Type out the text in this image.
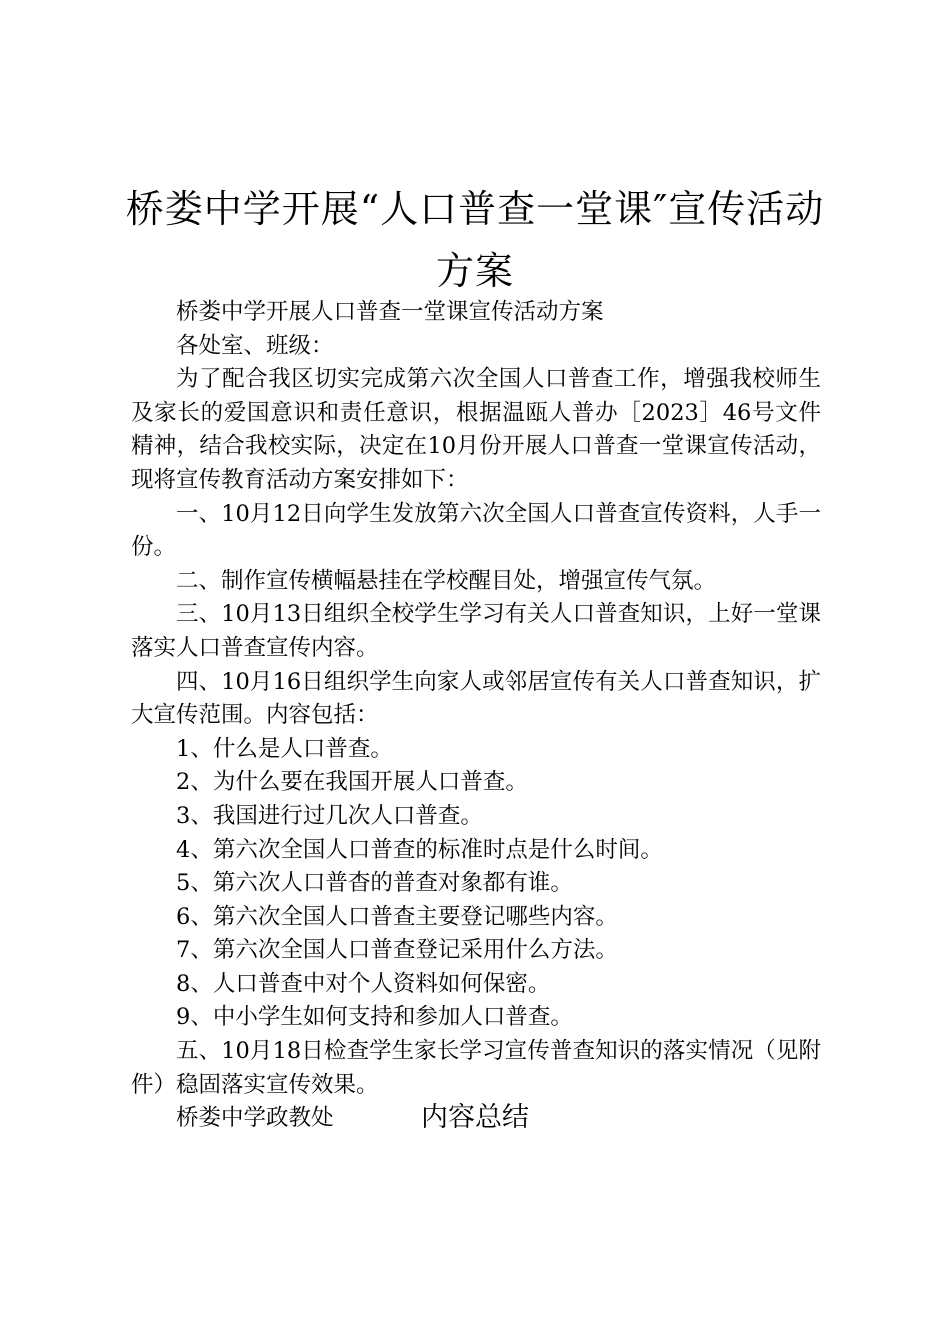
桥娄中学开展“人口普查一堂课″宣传活动方案

桥娄中学开展人口普查一堂课宣传活动方案

各处室、班级：

为了配合我区切实完成第六次全国人口普查工作，增强我校师生及家长的爱国意识和责任意识，根据温瓯人普办［2023］46号文件精神，结合我校实际，决定在10月份开展人口普查一堂课宣传活动，现将宣传教育活动方案安排如下：

一、10月12日向学生发放第六次全国人口普查宣传资料，人手一份。

二、制作宣传横幅悬挂在学校醒目处，增强宣传气氛。

三、10月13日组织全校学生学习有关人口普查知识，上好一堂课落实人口普查宣传内容。

四、10月16日组织学生向家人或邻居宣传有关人口普查知识，扩大宣传范围。内容包括：

1、什么是人口普查。

2、为什么要在我国开展人口普查。

3、我国进行过几次人口普查。

4、第六次全国人口普查的标准时点是什么时间。

5、第六次人口普杳的普查对象都有谁。

6、第六次全国人口普查主要登记哪些内容。

7、第六次全国人口普查登记采用什么方法。

8、人口普查中对个人资料如何保密。

9、中小学生如何支持和参加人口普查。

五、10月18日检查学生家长学习宣传普查知识的落实情况（见附件）稳固落实宣传效果。

桥娄中学政教处	内容总结
